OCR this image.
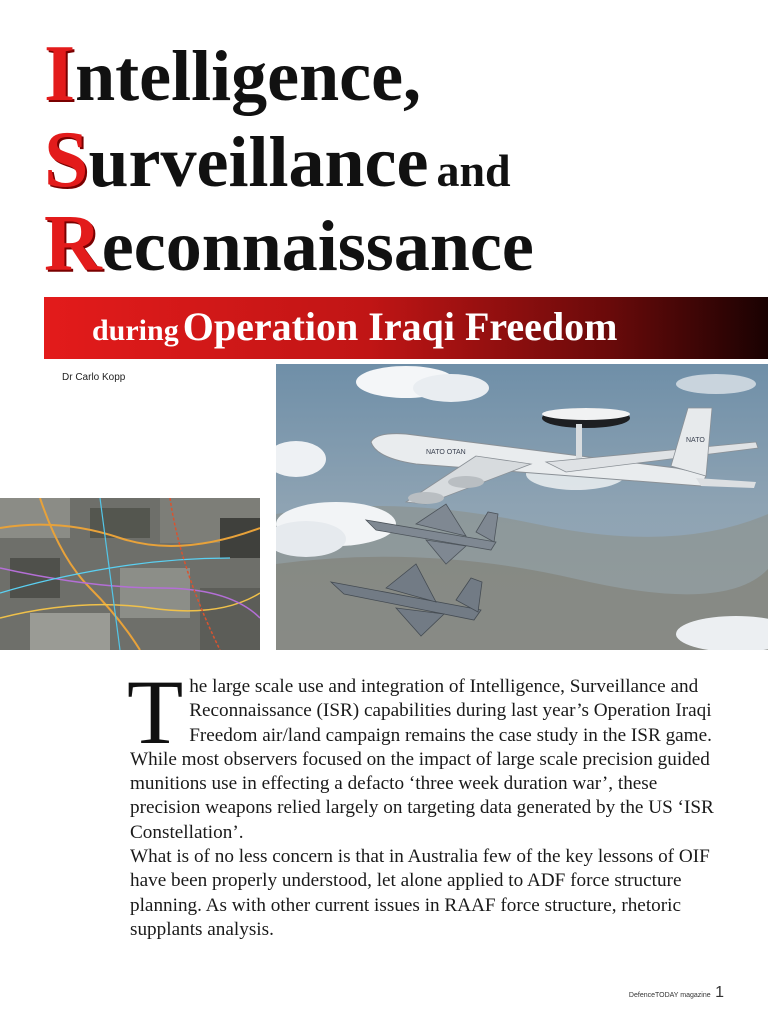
Intelligence,
Surveillance and
Reconnaissance
during Operation Iraqi Freedom
Dr Carlo Kopp
NATO OTAN
NATO
T he large scale use and integration of Intelligence, Surveillance and Reconnaissance (ISR) capabilities during last year’s Operation Iraqi Freedom air/land campaign remains the case study in the ISR game.

While most observers focused on the impact of large scale precision guided munitions use in effecting a defacto ‘three week duration war’, these precision weapons relied largely on targeting data generated by the US ‘ISR Constellation’.

What is of no less concern is that in Australia few of the key lessons of OIF have been properly understood, let alone applied to ADF force structure planning. As with other current issues in RAAF force structure, rhetoric supplants analysis.

DefenceTODAY magazine 1
